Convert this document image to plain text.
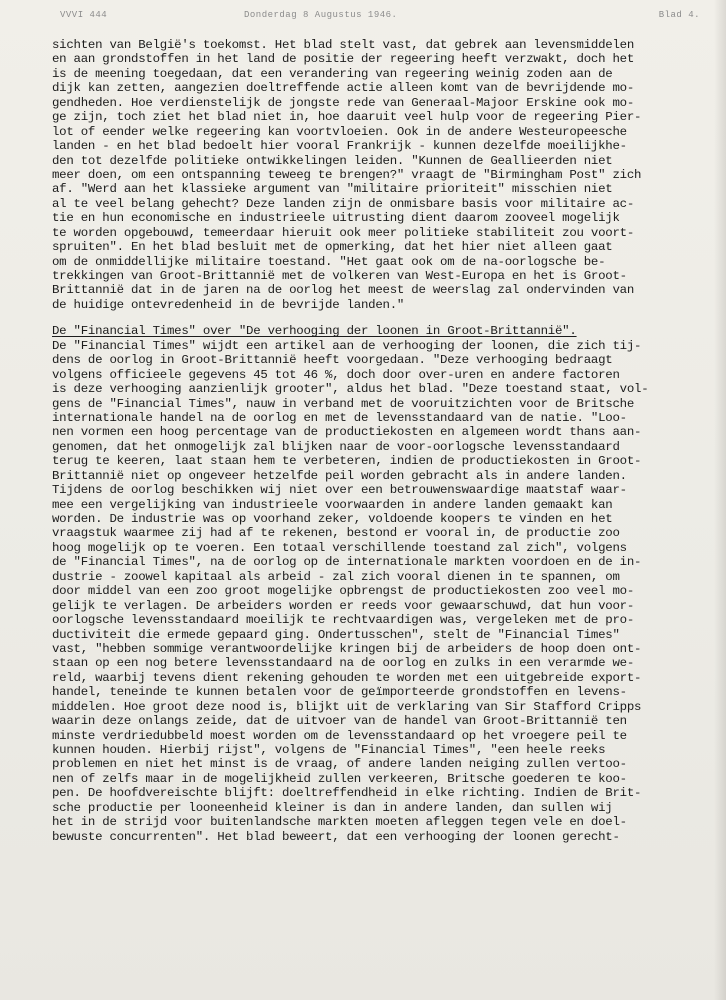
VVVI 444	Donderdag 8 Augustus 1946.	Blad 4.
sichten van België's toekomst. Het blad stelt vast, dat gebrek aan levensmiddelen
en aan grondstoffen in het land de positie der regeering heeft verzwakt, doch het
is de meening toegedaan, dat een verandering van regeering weinig zoden aan de
dijk kan zetten, aangezien doeltreffende actie alleen komt van de bevrijdende mo-
gendheden. Hoe verdienstelijk de jongste rede van Generaal-Majoor Erskine ook mo-
ge zijn, toch ziet het blad niet in, hoe daaruit veel hulp voor de regeering Pier-
lot of eender welke regeering kan voortvloeien. Ook in de andere Westeuropeesche
landen - en het blad bedoelt hier vooral Frankrijk - kunnen dezelfde moeilijkhe-
den tot dezelfde politieke ontwikkelingen leiden. "Kunnen de Geallieerden niet
meer doen, om een ontspanning teweeg te brengen?" vraagt de "Birmingham Post" zich
af. "Werd aan het klassieke argument van "militaire prioriteit" misschien niet
al te veel belang gehecht? Deze landen zijn de onmisbare basis voor militaire ac-
tie en hun economische en industrieele uitrusting dient daarom zooveel mogelijk
te worden opgebouwd, temeerdaar hieruit ook meer politieke stabiliteit zou voort-
spruiten". En het blad besluit met de opmerking, dat het hier niet alleen gaat
om de onmiddellijke militaire toestand. "Het gaat ook om de na-oorlogsche be-
trekkingen van Groot-Brittannië met de volkeren van West-Europa en het is Groot-
Brittannië dat in de jaren na de oorlog het meest de weerslag zal ondervinden van
de huidige ontevredenheid in de bevrijde landen."
De "Financial Times" over "De verhooging der loonen in Groot-Brittannië".
De "Financial Times" wijdt een artikel aan de verhooging der loonen, die zich tij-
dens de oorlog in Groot-Brittannië heeft voorgedaan. "Deze verhooging bedraagt
volgens officieele gegevens 45 tot 46 %, doch door over-uren en andere factoren
is deze verhooging aanzienlijk grooter", aldus het blad. "Deze toestand staat, vol-
gens de "Financial Times", nauw in verband met de vooruitzichten voor de Britsche
internationale handel na de oorlog en met de levensstandaard van de natie. "Loo-
nen vormen een hoog percentage van de productiekosten en algemeen wordt thans aan-
genomen, dat het onmogelijk zal blijken naar de voor-oorlogsche levensstandaard
terug te keeren, laat staan hem te verbeteren, indien de productiekosten in Groot-
Brittannië niet op ongeveer hetzelfde peil worden gebracht als in andere landen.
Tijdens de oorlog beschikken wij niet over een betrouwenswaardige maatstaf waar-
mee een vergelijking van industrieele voorwaarden in andere landen gemaakt kan
worden. De industrie was op voorhand zeker, voldoende koopers te vinden en het
vraagstuk waarmee zij had af te rekenen, bestond er vooral in, de productie zoo
hoog mogelijk op te voeren. Een totaal verschillende toestand zal zich", volgens
de "Financial Times", na de oorlog op de internationale markten voordoen en de in-
dustrie - zoowel kapitaal als arbeid - zal zich vooral dienen in te spannen, om
door middel van een zoo groot mogelijke opbrengst de productiekosten zoo veel mo-
gelijk te verlagen. De arbeiders worden er reeds voor gewaarschuwd, dat hun voor-
oorlogsche levensstandaard moeilijk te rechtvaardigen was, vergeleken met de pro-
ductiviteit die ermede gepaard ging. Ondertusschen", stelt de "Financial Times"
vast, "hebben sommige verantwoordelijke kringen bij de arbeiders de hoop doen ont-
staan op een nog betere levensstandaard na de oorlog en zulks in een verarmde we-
reld, waarbij tevens dient rekening gehouden te worden met een uitgebreide export-
handel, teneinde te kunnen betalen voor de geïmporteerde grondstoffen en levens-
middelen. Hoe groot deze nood is, blijkt uit de verklaring van Sir Stafford Cripps
waarin deze onlangs zeide, dat de uitvoer van de handel van Groot-Brittannië ten
minste verdriedubbeld moest worden om de levensstandaard op het vroegere peil te
kunnen houden. Hierbij rijst", volgens de "Financial Times", "een heele reeks
problemen en niet het minst is de vraag, of andere landen neiging zullen vertoo-
nen of zelfs maar in de mogelijkheid zullen verkeeren, Britsche goederen te koo-
pen. De hoofdvereischte blijft: doeltreffendheid in elke richting. Indien de Brit-
sche productie per looneenheid kleiner is dan in andere landen, dan sullen wij
het in de strijd voor buitenlandsche markten moeten afleggen tegen vele en doel-
bewuste concurrenten". Het blad beweert, dat een verhooging der loonen gerecht-
